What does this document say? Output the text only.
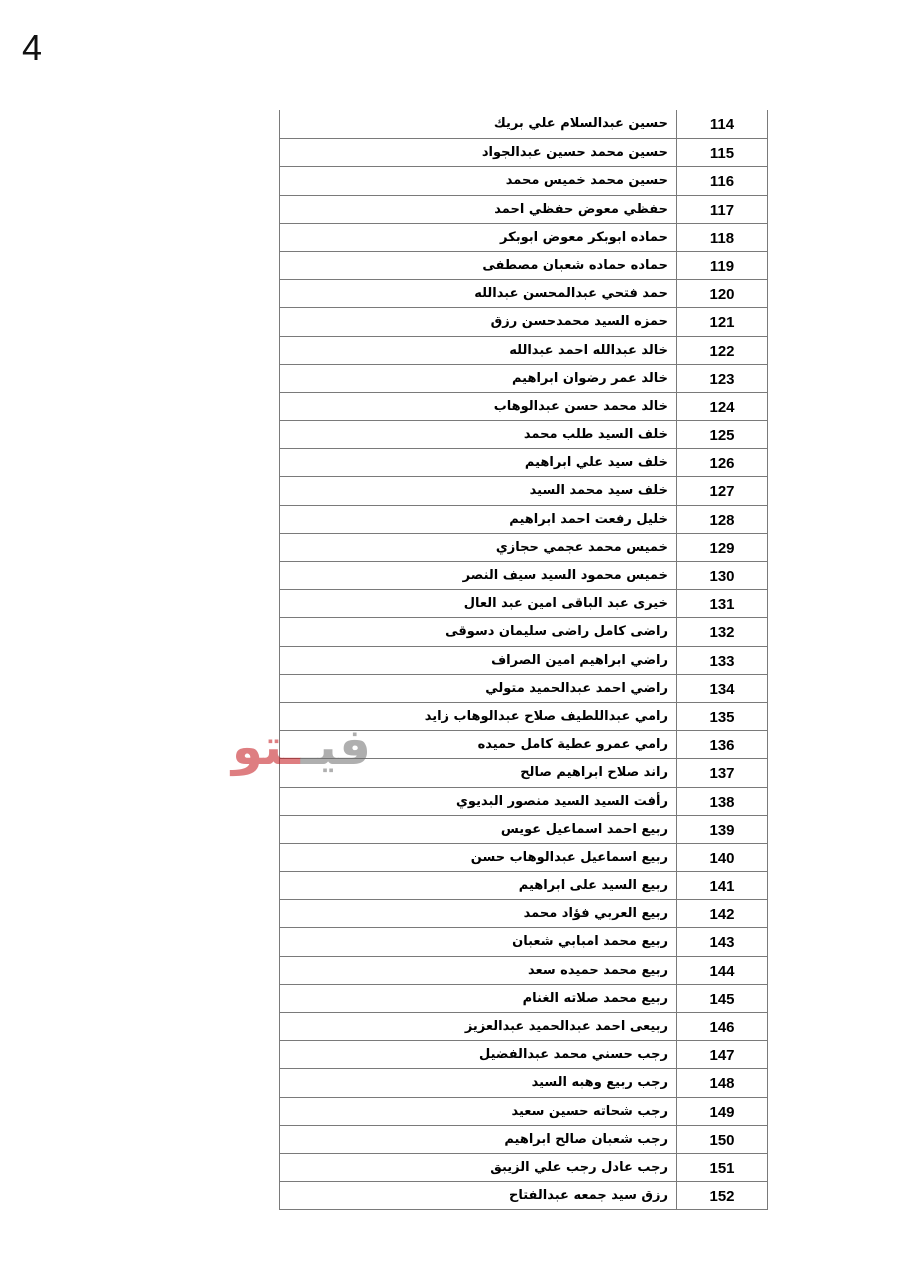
4
حسين عبدالسلام علي بريك	114
حسين محمد حسين عبدالجواد	115
حسين محمد خميس محمد	116
حفظي معوض حفظي احمد	117
حماده ابوبكر معوض ابوبكر	118
حماده حماده شعبان مصطفى	119
حمد فتحي عبدالمحسن عبدالله	120
حمزه السيد محمدحسن رزق	121
خالد عبدالله احمد عبدالله	122
خالد عمر رضوان ابراهيم	123
خالد محمد حسن عبدالوهاب	124
خلف السيد طلب محمد	125
خلف سيد علي ابراهيم	126
خلف سيد محمد السيد	127
خليل رفعت احمد ابراهيم	128
خميس محمد عجمي حجازي	129
خميس محمود السيد سيف النصر	130
خيرى عبد الباقى امين عبد العال	131
راضى كامل راضى سليمان دسوقى	132
راضي ابراهيم امين الصراف	133
راضي احمد عبدالحميد متولي	134
رامي عبداللطيف صلاح عبدالوهاب زايد	135
رامي عمرو عطية كامل حميده	136
راند صلاح ابراهيم صالح	137
رأفت السيد السيد منصور البديوي	138
ربيع احمد اسماعيل عويس	139
ربيع اسماعيل عبدالوهاب حسن	140
ربيع السيد على ابراهيم	141
ربيع العربي فؤاد محمد	142
ربيع محمد امبابي شعبان	143
ربيع محمد حميده سعد	144
ربيع محمد صلاته الغنام	145
ربيعى احمد عبدالحميد عبدالعزيز	146
رجب حسني محمد عبدالفضيل	147
رجب ربيع وهبه السيد	148
رجب شحاته حسين سعيد	149
رجب شعبان صالح ابراهيم	150
رجب عادل رجب علي الزيبق	151
رزق سيد جمعه عبدالفتاح	152
فيــتو
